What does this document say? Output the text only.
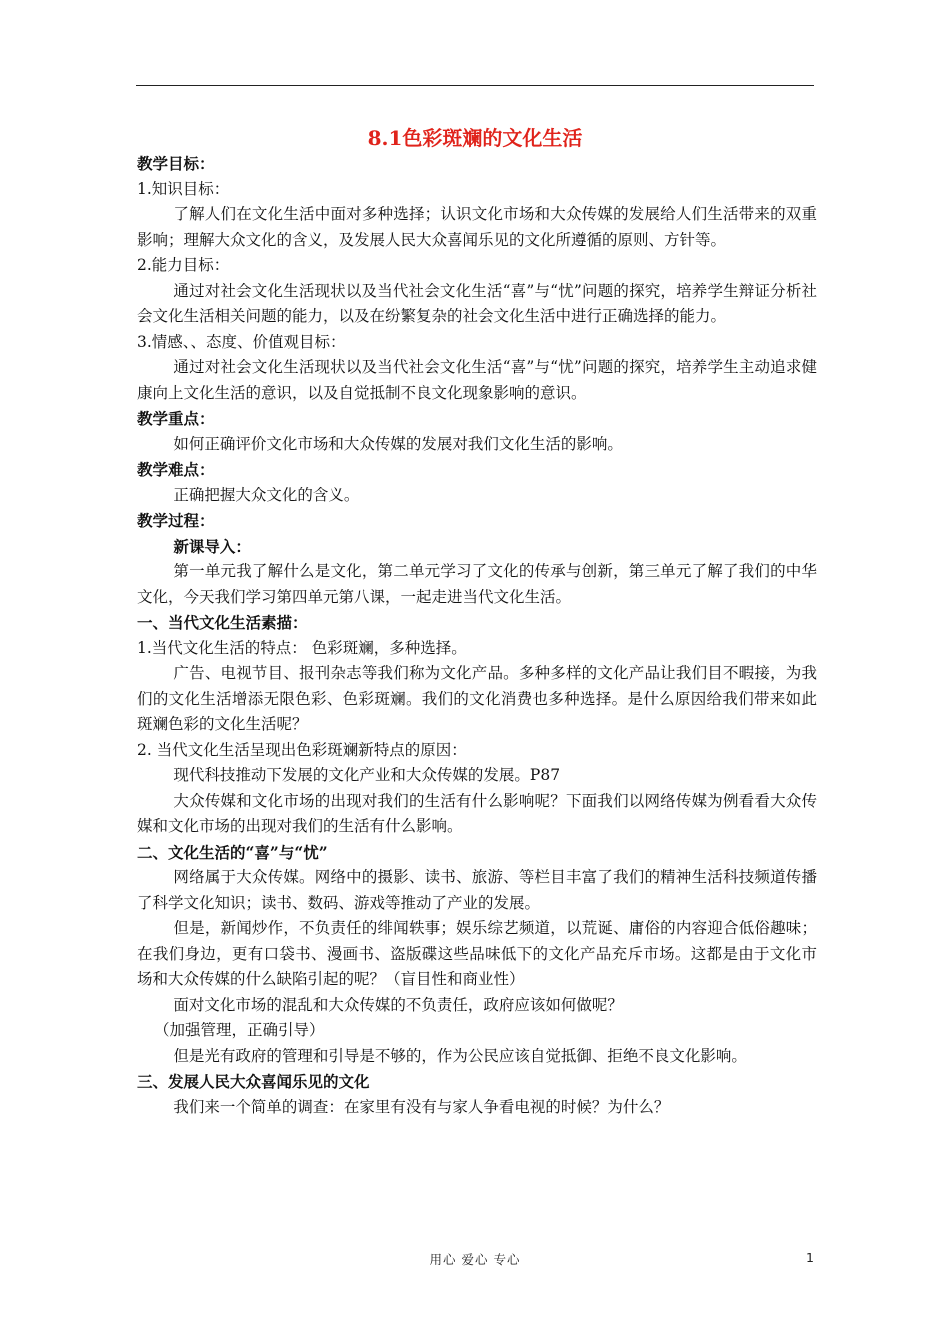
8.1色彩斑斓的文化生活

教学目标：

1.知识目标：

了解人们在文化生活中面对多种选择；认识文化市场和大众传媒的发展给人们生活带来的双重影响；理解大众文化的含义，及发展人民大众喜闻乐见的文化所遵循的原则、方针等。

2.能力目标：

通过对社会文化生活现状以及当代社会文化生活“喜”与“忧”问题的探究，培养学生辩证分析社会文化生活相关问题的能力，以及在纷繁复杂的社会文化生活中进行正确选择的能力。

3.情感、、态度、价值观目标：

通过对社会文化生活现状以及当代社会文化生活“喜”与“忧”问题的探究，培养学生主动追求健康向上文化生活的意识，以及自觉抵制不良文化现象影响的意识。

教学重点：

如何正确评价文化市场和大众传媒的发展对我们文化生活的影响。

教学难点：

正确把握大众文化的含义。

教学过程：

新课导入：

第一单元我了解什么是文化，第二单元学习了文化的传承与创新，第三单元了解了我们的中华文化，今天我们学习第四单元第八课，一起走进当代文化生活。

一、当代文化生活素描：

1.当代文化生活的特点： 色彩斑斓，多种选择。

广告、电视节目、报刊杂志等我们称为文化产品。多种多样的文化产品让我们目不暇接，为我们的文化生活增添无限色彩、色彩斑斓。我们的文化消费也多种选择。是什么原因给我们带来如此斑斓色彩的文化生活呢？

2. 当代文化生活呈现出色彩斑斓新特点的原因：

现代科技推动下发展的文化产业和大众传媒的发展。P87

大众传媒和文化市场的出现对我们的生活有什么影响呢？下面我们以网络传媒为例看看大众传媒和文化市场的出现对我们的生活有什么影响。

二、文化生活的“喜”与“忧”

网络属于大众传媒。网络中的摄影、读书、旅游、等栏目丰富了我们的精神生活科技频道传播了科学文化知识；读书、数码、游戏等推动了产业的发展。

但是，新闻炒作，不负责任的绯闻轶事；娱乐综艺频道，以荒诞、庸俗的内容迎合低俗趣味；在我们身边，更有口袋书、漫画书、盗版碟这些品味低下的文化产品充斥市场。这都是由于文化市场和大众传媒的什么缺陷引起的呢？（盲目性和商业性）

面对文化市场的混乱和大众传媒的不负责任，政府应该如何做呢？

（加强管理，正确引导）

但是光有政府的管理和引导是不够的，作为公民应该自觉抵御、拒绝不良文化影响。

三、发展人民大众喜闻乐见的文化

我们来一个简单的调查：在家里有没有与家人争看电视的时候？为什么？

用心 爱心 专心	1
